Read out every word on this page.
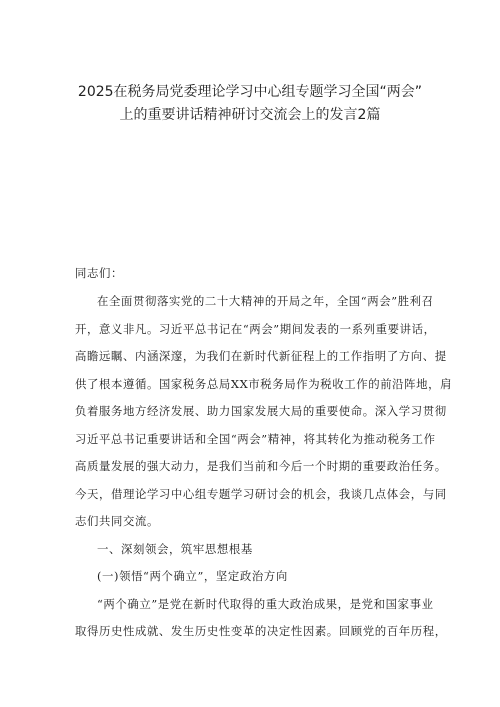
2025在税务局党委理论学习中心组专题学习全国“两会”
上的重要讲话精神研讨交流会上的发言2篇
同志们：
在全面贯彻落实党的二十大精神的开局之年，全国“两会”胜利召
开，意义非凡。习近平总书记在“两会”期间发表的一系列重要讲话，
高瞻远瞩、内涵深邃，为我们在新时代新征程上的工作指明了方向、提
供了根本遵循。国家税务总局XX市税务局作为税收工作的前沿阵地，肩
负着服务地方经济发展、助力国家发展大局的重要使命。深入学习贯彻
习近平总书记重要讲话和全国“两会”精神，将其转化为推动税务工作
高质量发展的强大动力，是我们当前和今后一个时期的重要政治任务。
今天，借理论学习中心组专题学习研讨会的机会，我谈几点体会，与同
志们共同交流。
一、深刻领会，筑牢思想根基
(一)领悟“两个确立”，坚定政治方向
“两个确立”是党在新时代取得的重大政治成果，是党和国家事业
取得历史性成就、发生历史性变革的决定性因素。回顾党的百年历程，
